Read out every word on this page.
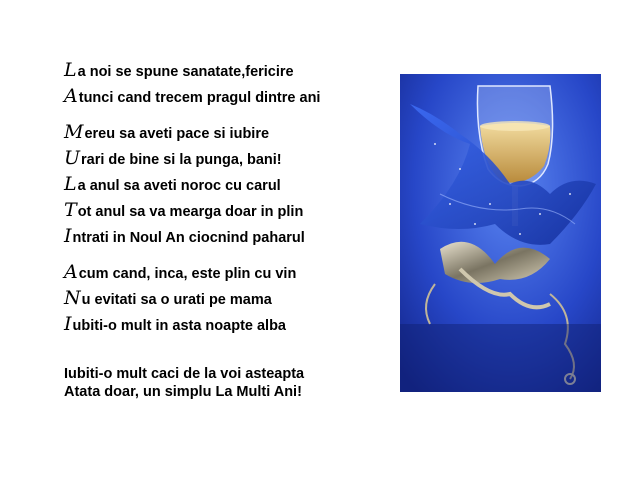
La noi se spune sanatate,fericire
Atunci cand trecem pragul dintre ani
Mereu sa aveti pace si iubire
Urari de bine si la punga, bani!
La anul sa aveti noroc cu carul
Tot anul sa va mearga doar in plin
Intrati in Noul An ciocnind paharul
Acum cand, inca, este plin cu vin
Nu evitati sa o urati pe mama
Iubiti-o mult in asta noapte alba
Iubiti-o mult caci de la voi asteapta
Atata doar, un simplu La Multi Ani!
